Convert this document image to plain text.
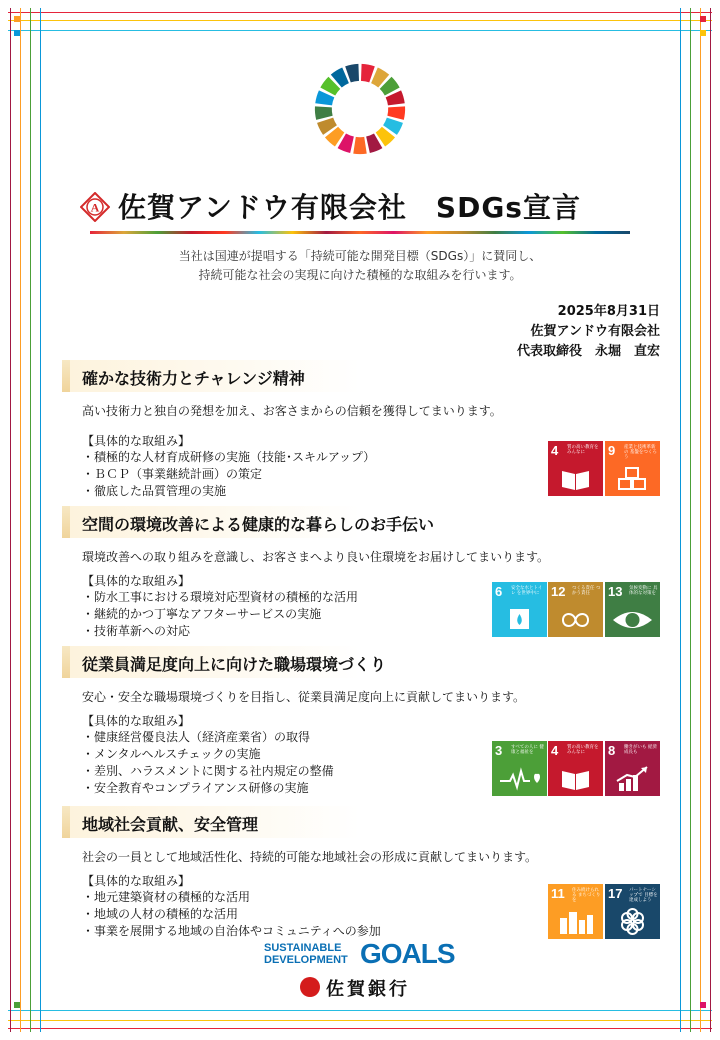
A 佐賀アンドウ有限会社　 SDGs宣言
当社は国連が提唱する「持続可能な開発目標（SDGs）」に賛同し、
持続可能な社会の実現に向けた積極的な取組みを行います。
2025年8月31日
佐賀アンドウ有限会社
代表取締役　永堀　直宏
確かな技術力とチャレンジ精神
高い技術力と独自の発想を加え、お客さまからの信頼を獲得してまいります。
【具体的な取組み】
・積極的な人材育成研修の実施（技能･スキルアップ）
・ＢＣＰ（事業継続計画）の策定
・徹底した品質管理の実施
4 質の高い教育を みんなに	9 産業と技術革新の 基盤をつくろう
空間の環境改善による健康的な暮らしのお手伝い
環境改善への取り組みを意識し、お客さまへより良い住環境をお届けしてまいります。
【具体的な取組み】
・防水工事における環境対応型資材の積極的な活用
・継続的かつ丁寧なアフターサービスの実施
・技術革新への対応
6 安全な水とトイレ を世界中に 12 つくる責任 つかう責任	13 気候変動に 具体的な対策を
従業員満足度向上に向けた職場環境づくり
安心・安全な職場環境づくりを目指し、従業員満足度向上に貢献してまいります。
【具体的な取組み】
・健康経営優良法人（経済産業省）の取得
・メンタルヘルスチェックの実施
・差別、ハラスメントに関する社内規定の整備
・安全教育やコンプライアンス研修の実施
3 すべての人に 健康と福祉を	4 質の高い教育を みんなに	8 働きがいも 経済成長も
地域社会貢献、安全管理
社会の一員として地域活性化、持続的可能な地域社会の形成に貢献してまいります。
【具体的な取組み】
・地元建築資材の積極的な活用
・地域の人材の積極的な活用
・事業を展開する地域の自治体やコミュニティへの参加
11 住み続けられる まちづくりを	17 パートナーシップで 目標を達成しよう
SUSTAINABLE
DEVELOPMENT GOALS
佐賀銀行
